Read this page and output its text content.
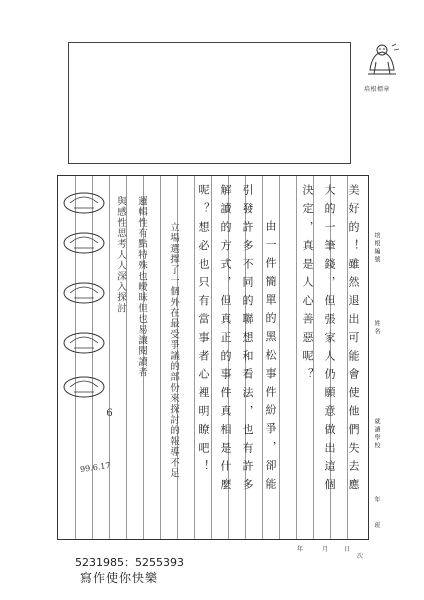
培根標章
培根編號
姓名
就讀學校
年
班
年	月	日
次
美好的！雖然退出可能會使他們失去應
大的一筆錢，但張家人仍願意做出這個
決定，真是人心善惡呢？
由一件簡單的黑松事件紛爭，卻能
引發許多不同的聯想和看法，也有許多
解讀的方式，但真正的事件真相是什麼
呢？想必也只有當事者心裡明瞭吧！
立場選擇了一個外在最受爭議的部份來探討的報導不足
邏輯性有點特殊也曖昧但也易讓閱讀者
與感性思考人人深入探討
6
99.6.17
5231985：5255393
寫作使你快樂
